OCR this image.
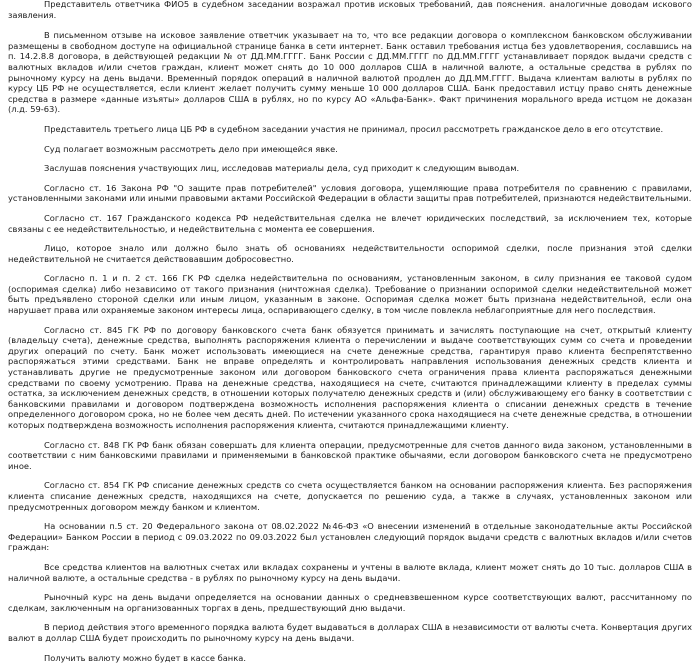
Представитель ответчика ФИО5 в судебном заседании возражал против исковых требований, дав пояснения. аналогичные доводам искового заявления.

В письменном отзыве на исковое заявление ответчик указывает на то, что все редакции договора о комплексном банковском обслуживании размещены в свободном доступе на официальной странице банка в сети интернет. Банк оставил требования истца без удовлетворения, сославшись на п. 14.2.8.8 договора, в действующей редакции № от ДД.ММ.ГГГГ. Банк России с ДД.ММ.ГГГГ по ДД.ММ.ГГГГ устанавливает порядок выдачи средств с валютных вкладов и/или счетов граждан, клиент может снять до 10 000 долларов США в наличной валюте, а остальные средства в рублях по рыночному курсу на день выдачи. Временный порядок операций в наличной валютой продлен до ДД.ММ.ГГГГ. Выдача клиентам валюты в рублях по курсу ЦБ РФ не осуществляется, если клиент желает получить сумму меньше 10 000 долларов США. Банк предоставил истцу право снять денежные средства в размере «данные изъяты» долларов США в рублях, но по курсу АО «Альфа-Банк». Факт причинения морального вреда истцом не доказан (л.д. 59-63).

Представитель третьего лица ЦБ РФ в судебном заседании участия не принимал, просил рассмотреть гражданское дело в его отсутствие.

Суд полагает возможным рассмотреть дело при имеющейся явке.

Заслушав пояснения участвующих лиц, исследовав материалы дела, суд приходит к следующим выводам.

Согласно ст. 16 Закона РФ "О защите прав потребителей" условия договора, ущемляющие права потребителя по сравнению с правилами, установленными законами или иными правовыми актами Российской Федерации в области защиты прав потребителей, признаются недействительными.

Согласно ст. 167 Гражданского кодекса РФ недействительная сделка не влечет юридических последствий, за исключением тех, которые связаны с ее недействительностью, и недействительна с момента ее совершения.

Лицо, которое знало или должно было знать об основаниях недействительности оспоримой сделки, после признания этой сделки недействительной не считается действовавшим добросовестно.

Согласно п. 1 и п. 2 ст. 166 ГК РФ сделка недействительна по основаниям, установленным законом, в силу признания ее таковой судом (оспоримая сделка) либо независимо от такого признания (ничтожная сделка). Требование о признании оспоримой сделки недействительной может быть предъявлено стороной сделки или иным лицом, указанным в законе. Оспоримая сделка может быть признана недействительной, если она нарушает права или охраняемые законом интересы лица, оспаривающего сделку, в том числе повлекла неблагоприятные для него последствия.

Согласно ст. 845 ГК РФ по договору банковского счета банк обязуется принимать и зачислять поступающие на счет, открытый клиенту (владельцу счета), денежные средства, выполнять распоряжения клиента о перечислении и выдаче соответствующих сумм со счета и проведении других операций по счету. Банк может использовать имеющиеся на счете денежные средства, гарантируя право клиента беспрепятственно распоряжаться этими средствами. Банк не вправе определять и контролировать направления использования денежных средств клиента и устанавливать другие не предусмотренные законом или договором банковского счета ограничения права клиента распоряжаться денежными средствами по своему усмотрению. Права на денежные средства, находящиеся на счете, считаются принадлежащими клиенту в пределах суммы остатка, за исключением денежных средств, в отношении которых получателю денежных средств и (или) обслуживающему его банку в соответствии с банковскими правилами и договором подтверждена возможность исполнения распоряжения клиента о списании денежных средств в течение определенного договором срока, но не более чем десять дней. По истечении указанного срока находящиеся на счете денежные средства, в отношении которых подтверждена возможность исполнения распоряжения клиента, считаются принадлежащими клиенту.

Согласно ст. 848 ГК РФ банк обязан совершать для клиента операции, предусмотренные для счетов данного вида законом, установленными в соответствии с ним банковскими правилами и применяемыми в банковской практике обычаями, если договором банковского счета не предусмотрено иное.

Согласно ст. 854 ГК РФ списание денежных средств со счета осуществляется банком на основании распоряжения клиента. Без распоряжения клиента списание денежных средств, находящихся на счете, допускается по решению суда, а также в случаях, установленных законом или предусмотренных договором между банком и клиентом.

На основании п.5 ст. 20 Федерального закона от 08.02.2022 №46-ФЗ «О внесении изменений в отдельные законодательные акты Российской Федерации» Банком России в период с 09.03.2022 по 09.03.2022 был установлен следующий порядок выдачи средств с валютных вкладов и/или счетов граждан:

Все средства клиентов на валютных счетах или вкладах сохранены и учтены в валюте вклада, клиент может снять до 10 тыс. долларов США в наличной валюте, а остальные средства - в рублях по рыночному курсу на день выдачи.

Рыночный курс на день выдачи определяется на основании данных о средневзвешенном курсе соответствующих валют, рассчитанному по сделкам, заключенным на организованных торгах в день, предшествующий дню выдачи.

В период действия этого временного порядка валюта будет выдаваться в долларах США в независимости от валюты счета. Конвертация других валют в доллар США будет происходить по рыночному курсу на день выдачи.

Получить валюту можно будет в кассе банка.
